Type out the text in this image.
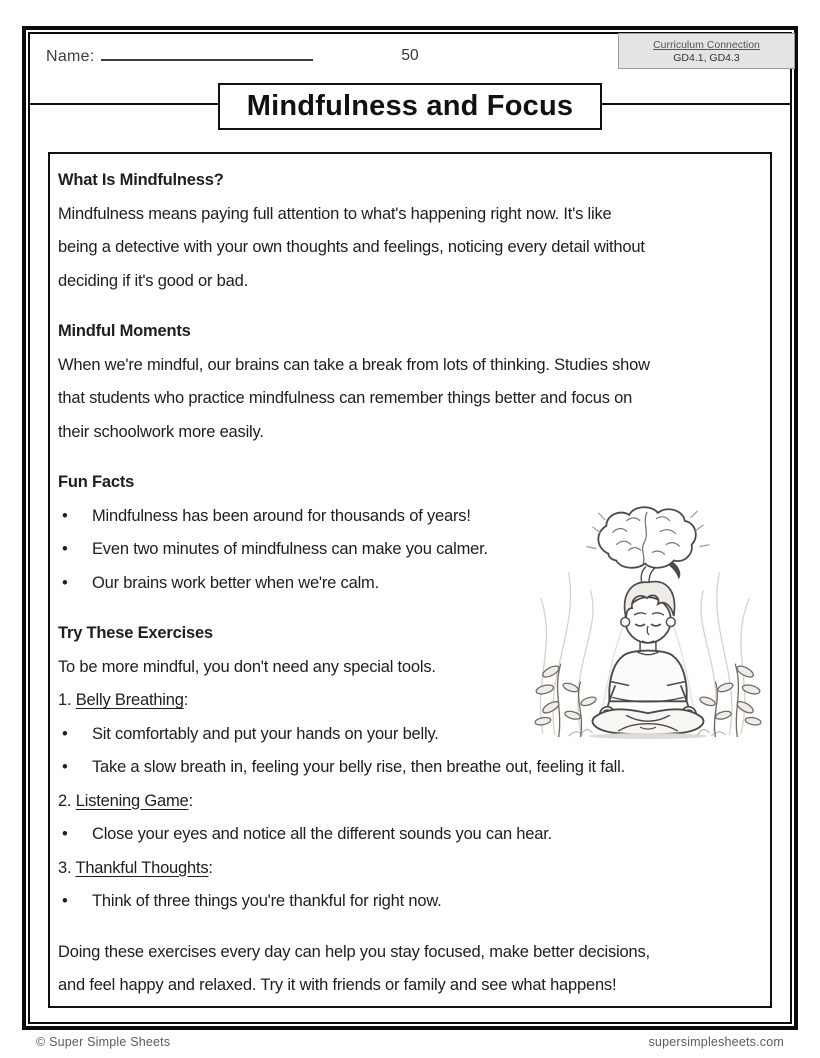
Name:	50
Curriculum Connection
GD4.1, GD4.3
Mindfulness and Focus
What Is Mindfulness?
Mindfulness means paying full attention to what's happening right now. It's like
being a detective with your own thoughts and feelings, noticing every detail without
deciding if it's good or bad.
Mindful Moments
When we're mindful, our brains can take a break from lots of thinking. Studies show
that students who practice mindfulness can remember things better and focus on
their schoolwork more easily.
Fun Facts
•	Mindfulness has been around for thousands of years!
•	Even two minutes of mindfulness can make you calmer.
•	Our brains work better when we're calm.
Try These Exercises
To be more mindful, you don't need any special tools.
1. Belly Breathing:
•	Sit comfortably and put your hands on your belly.
•	Take a slow breath in, feeling your belly rise, then breathe out, feeling it fall.
2. Listening Game:
•	Close your eyes and notice all the different sounds you can hear.
3. Thankful Thoughts:
•	Think of three things you're thankful for right now.
Doing these exercises every day can help you stay focused, make better decisions,
and feel happy and relaxed. Try it with friends or family and see what happens!
© Super Simple Sheets	supersimplesheets.com
